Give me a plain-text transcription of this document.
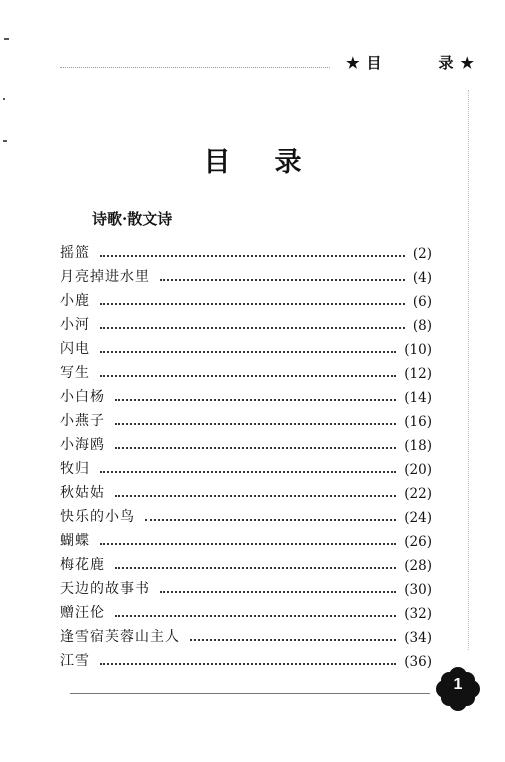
★ 目	录 ★
目录
诗歌·散文诗
摇篮	(2)
月亮掉进水里	(4)
小鹿	(6)
小河	(8)
闪电	(10)
写生	(12)
小白杨	(14)
小燕子	(16)
小海鸥	(18)
牧归	(20)
秋姑姑	(22)
快乐的小鸟	(24)
蝴蝶	(26)
梅花鹿	(28)
天边的故事书	(30)
赠汪伦	(32)
逢雪宿芙蓉山主人	(34)
江雪	(36)
1
